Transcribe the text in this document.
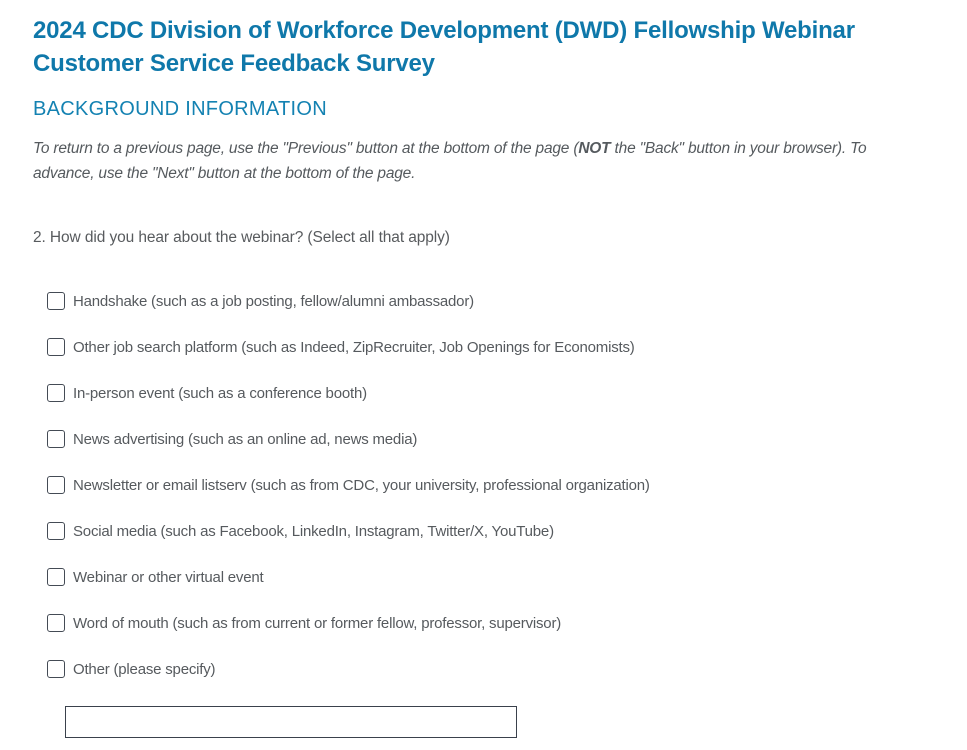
2024 CDC Division of Workforce Development (DWD) Fellowship Webinar
Customer Service Feedback Survey
BACKGROUND INFORMATION

To return to a previous page, use the "Previous" button at the bottom of the page (NOT the "Back" button in your browser). To advance, use the "Next" button at the bottom of the page.

2. How did you hear about the webinar? (Select all that apply)
Handshake (such as a job posting, fellow/alumni ambassador)
Other job search platform (such as Indeed, ZipRecruiter, Job Openings for Economists)
In-person event (such as a conference booth)
News advertising (such as an online ad, news media)
Newsletter or email listserv (such as from CDC, your university, professional organization)
Social media (such as Facebook, LinkedIn, Instagram, Twitter/X, YouTube)
Webinar or other virtual event
Word of mouth (such as from current or former fellow, professor, supervisor)
Other (please specify)
